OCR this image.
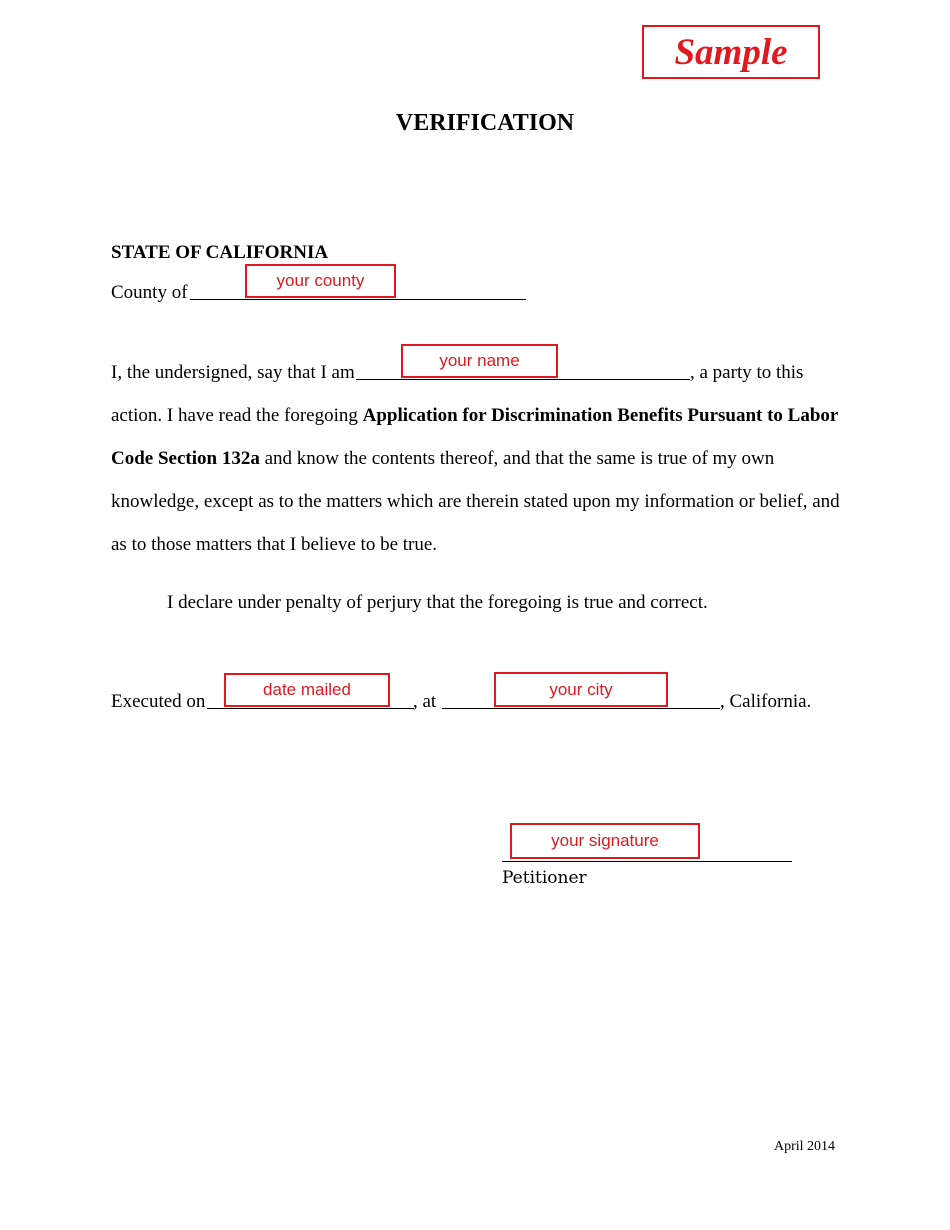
Sample
VERIFICATION
STATE OF CALIFORNIA
County of
your county
I, the undersigned, say that I am
your name
, a party to this
action. I have read the foregoing Application for Discrimination Benefits Pursuant to Labor
Code Section 132a and know the contents thereof, and that the same is true of my own
knowledge, except as to the matters which are therein stated upon my information or belief, and
as to those matters that I believe to be true.
I declare under penalty of perjury that the foregoing is true and correct.
Executed on
date mailed
, at
your city
, California.
your signature
Petitioner
April 2014
